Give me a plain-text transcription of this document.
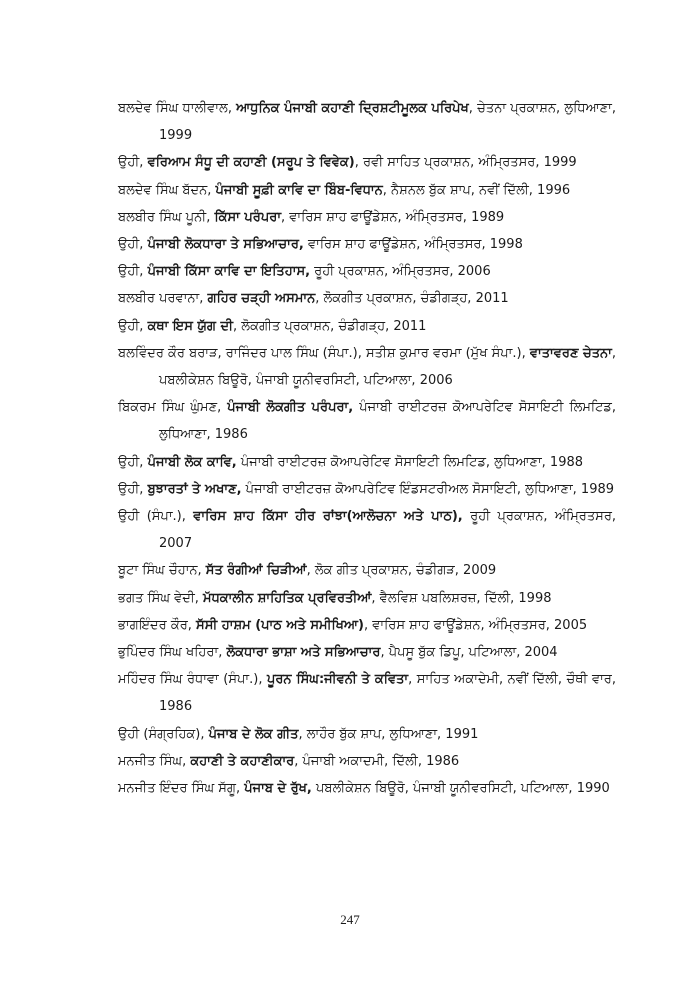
ਬਲਦੇਵ ਸਿੰਘ ਧਾਲੀਵਾਲ, ਆਧੁਨਿਕ ਪੰਜਾਬੀ ਕਹਾਣੀ ਦ੍ਰਿਸ਼ਟੀਮੂਲਕ ਪਰਿਪੇਖ, ਚੇਤਨਾ ਪ੍ਰਕਾਸ਼ਨ, ਲੁਧਿਆਣਾ, 1999

ਉਹੀ, ਵਰਿਆਮ ਸੰਧੂ ਦੀ ਕਹਾਣੀ (ਸਰੂਪ ਤੇ ਵਿਵੇਕ), ਰਵੀ ਸਾਹਿਤ ਪ੍ਰਕਾਸ਼ਨ, ਅੰਮ੍ਰਿਤਸਰ, 1999

ਬਲਦੇਵ ਸਿੰਘ ਬੱਦਨ, ਪੰਜਾਬੀ ਸੂਫ਼ੀ ਕਾਵਿ ਦਾ ਬਿੰਬ-ਵਿਧਾਨ, ਨੈਸ਼ਨਲ ਬੁੱਕ ਸ਼ਾਪ, ਨਵੀਂ ਦਿੱਲੀ, 1996

ਬਲਬੀਰ ਸਿੰਘ ਪੂਨੀ, ਕਿੱਸਾ ਪਰੰਪਰਾ, ਵਾਰਿਸ ਸ਼ਾਹ ਫਾਊਂਡੇਸ਼ਨ, ਅੰਮ੍ਰਿਤਸਰ, 1989

ਉਹੀ, ਪੰਜਾਬੀ ਲੋਕਧਾਰਾ ਤੇ ਸਭਿਆਚਾਰ, ਵਾਰਿਸ ਸ਼ਾਹ ਫਾਊਂਡੇਸ਼ਨ, ਅੰਮ੍ਰਿਤਸਰ, 1998

ਉਹੀ, ਪੰਜਾਬੀ ਕਿੱਸਾ ਕਾਵਿ ਦਾ ਇਤਿਹਾਸ, ਰੂਹੀ ਪ੍ਰਕਾਸ਼ਨ, ਅੰਮ੍ਰਿਤਸਰ, 2006

ਬਲਬੀਰ ਪਰਵਾਨਾ, ਗਹਿਰ ਚੜ੍ਹੀ ਅਸਮਾਨ, ਲੋਕਗੀਤ ਪ੍ਰਕਾਸ਼ਨ, ਚੰਡੀਗੜ੍ਹ, 2011

ਉਹੀ, ਕਥਾ ਇਸ ਯੁੱਗ ਦੀ, ਲੋਕਗੀਤ ਪ੍ਰਕਾਸ਼ਨ, ਚੰਡੀਗੜ੍ਹ, 2011

ਬਲਵਿੰਦਰ ਕੌਰ ਬਰਾੜ, ਰਾਜਿੰਦਰ ਪਾਲ ਸਿੰਘ (ਸੰਪਾ.), ਸਤੀਸ਼ ਕੁਮਾਰ ਵਰਮਾ (ਮੁੱਖ ਸੰਪਾ.), ਵਾਤਾਵਰਣ ਚੇਤਨਾ, ਪਬਲੀਕੇਸ਼ਨ ਬਿਊਰੋ, ਪੰਜਾਬੀ ਯੂਨੀਵਰਸਿਟੀ, ਪਟਿਆਲਾ, 2006

ਬਿਕਰਮ ਸਿੰਘ ਘੁੰਮਣ, ਪੰਜਾਬੀ ਲੋਕਗੀਤ ਪਰੰਪਰਾ, ਪੰਜਾਬੀ ਰਾਈਟਰਜ਼ ਕੋਆਪਰੇਟਿਵ ਸੋਸਾਇਟੀ ਲਿਮਟਿਡ, ਲੁਧਿਆਣਾ, 1986

ਉਹੀ, ਪੰਜਾਬੀ ਲੋਕ ਕਾਵਿ, ਪੰਜਾਬੀ ਰਾਈਟਰਜ਼ ਕੋਆਪਰੇਟਿਵ ਸੋਸਾਇਟੀ ਲਿਮਟਿਡ, ਲੁਧਿਆਣਾ, 1988

ਉਹੀ, ਬੁਝਾਰਤਾਂ ਤੇ ਅਖਾਣ, ਪੰਜਾਬੀ ਰਾਈਟਰਜ਼ ਕੋਆਪਰੇਟਿਵ ਇੰਡਸਟਰੀਅਲ ਸੋਸਾਇਟੀ, ਲੁਧਿਆਣਾ, 1989

ਉਹੀ (ਸੰਪਾ.), ਵਾਰਿਸ ਸ਼ਾਹ ਕਿੱਸਾ ਹੀਰ ਰਾਂਝਾ(ਆਲੋਚਨਾ ਅਤੇ ਪਾਠ), ਰੂਹੀ ਪ੍ਰਕਾਸ਼ਨ, ਅੰਮ੍ਰਿਤਸਰ, 2007

ਬੂਟਾ ਸਿੰਘ ਚੌਹਾਨ, ਸੱਤ ਰੰਗੀਆਂ ਚਿੜੀਆਂ, ਲੋਕ ਗੀਤ ਪ੍ਰਕਾਸ਼ਨ, ਚੰਡੀਗੜ, 2009

ਭਗਤ ਸਿੰਘ ਵੇਦੀ, ਮੱਧਕਾਲੀਨ ਸ਼ਾਹਿਤਿਕ ਪ੍ਰਵਿਰਤੀਆਂ, ਵੈਲਵਿਸ਼ ਪਬਲਿਸ਼ਰਜ਼, ਦਿੱਲੀ, 1998

ਭਾਗਇੰਦਰ ਕੌਰ, ਸੱਸੀ ਹਾਸ਼ਮ (ਪਾਠ ਅਤੇ ਸਮੀਖਿਆ), ਵਾਰਿਸ ਸ਼ਾਹ ਫਾਊਂਡੇਸ਼ਨ, ਅੰਮ੍ਰਿਤਸਰ, 2005

ਭੁਪਿੰਦਰ ਸਿੰਘ ਖਹਿਰਾ, ਲੋਕਧਾਰਾ ਭਾਸ਼ਾ ਅਤੇ ਸਭਿਆਚਾਰ, ਪੈਪਸੂ ਬੁੱਕ ਡਿਪੂ, ਪਟਿਆਲਾ, 2004

ਮਹਿੰਦਰ ਸਿੰਘ ਰੰਧਾਵਾ (ਸੰਪਾ.), ਪੂਰਨ ਸਿੰਘ:ਜੀਵਨੀ ਤੇ ਕਵਿਤਾ, ਸਾਹਿਤ ਅਕਾਦੇਮੀ, ਨਵੀਂ ਦਿੱਲੀ, ਚੌਥੀ ਵਾਰ, 1986

ਉਹੀ (ਸੰਗ੍ਰਹਿਕ), ਪੰਜਾਬ ਦੇ ਲੋਕ ਗੀਤ, ਲਾਹੌਰ ਬੁੱਕ ਸ਼ਾਪ, ਲੁਧਿਆਣਾ, 1991

ਮਨਜੀਤ ਸਿੰਘ, ਕਹਾਣੀ ਤੇ ਕਹਾਣੀਕਾਰ, ਪੰਜਾਬੀ ਅਕਾਦਮੀ, ਦਿੱਲੀ, 1986

ਮਨਜੀਤ ਇੰਦਰ ਸਿੰਘ ਸੱਗੂ, ਪੰਜਾਬ ਦੇ ਰੁੱਖ, ਪਬਲੀਕੇਸ਼ਨ ਬਿਊਰੋ, ਪੰਜਾਬੀ ਯੂਨੀਵਰਸਿਟੀ, ਪਟਿਆਲਾ, 1990

247
